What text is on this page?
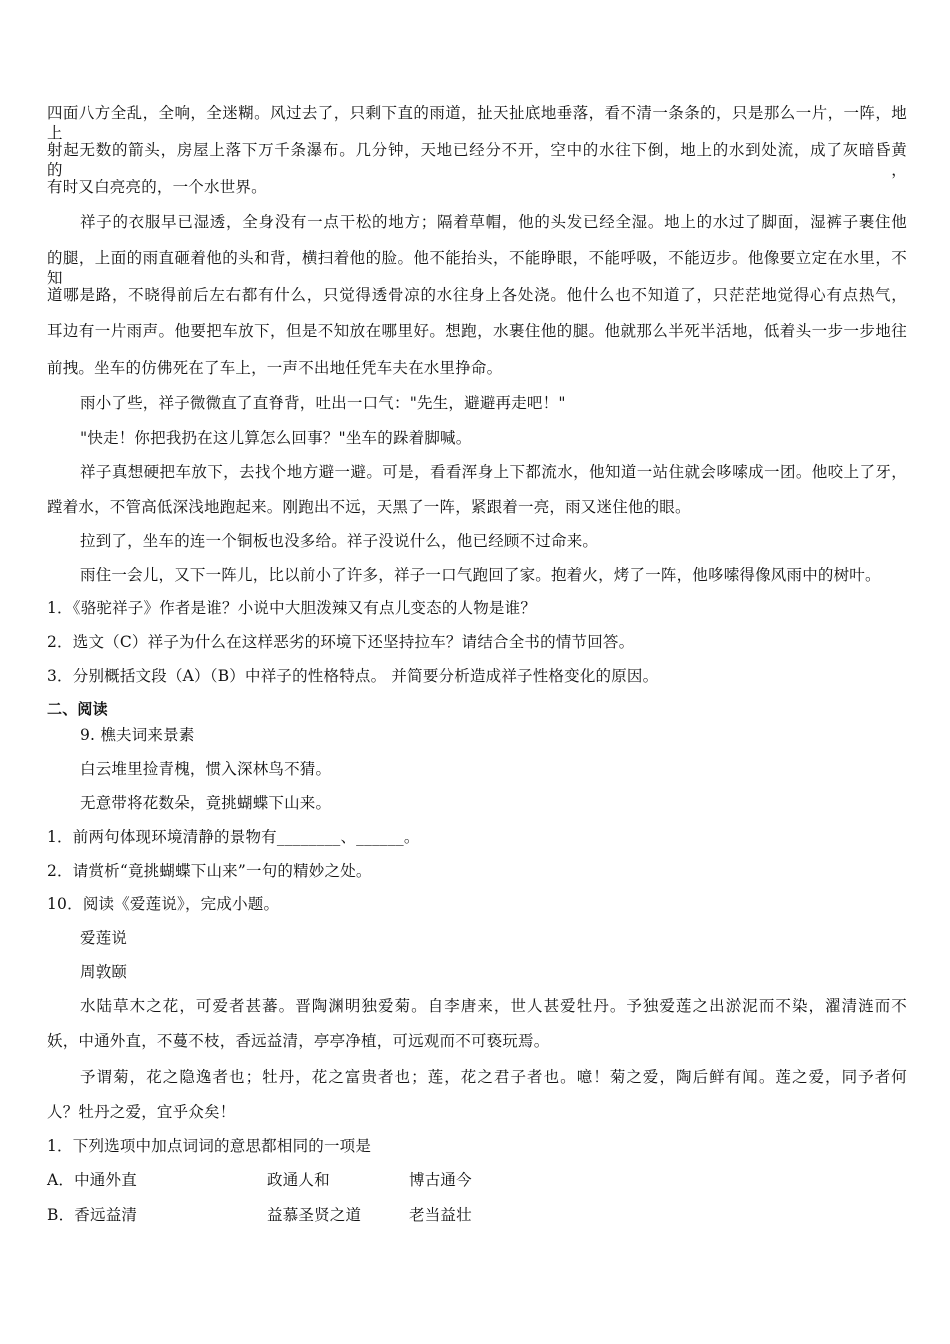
四面八方全乱，全响，全迷糊。风过去了，只剩下直的雨道，扯天扯底地垂落，看不清一条条的，只是那么一片，一阵，地上
射起无数的箭头，房屋上落下万千条瀑布。几分钟，天地已经分不开，空中的水往下倒，地上的水到处流，成了灰暗昏黄的，
有时又白亮亮的，一个水世界。
祥子的衣服早已湿透，全身没有一点干松的地方；隔着草帽，他的头发已经全湿。地上的水过了脚面，湿裤子裹住他
的腿，上面的雨直砸着他的头和背，横扫着他的脸。他不能抬头，不能睁眼，不能呼吸，不能迈步。他像要立定在水里，不知
道哪是路，不晓得前后左右都有什么，只觉得透骨凉的水往身上各处浇。他什么也不知道了，只茫茫地觉得心有点热气，
耳边有一片雨声。他要把车放下，但是不知放在哪里好。想跑，水裹住他的腿。他就那么半死半活地，低着头一步一步地往
前拽。坐车的仿佛死在了车上，一声不出地任凭车夫在水里挣命。
雨小了些，祥子微微直了直脊背，吐出一口气："先生，避避再走吧！"
"快走！你把我扔在这儿算怎么回事？"坐车的跺着脚喊。
祥子真想硬把车放下，去找个地方避一避。可是，看看浑身上下都流水，他知道一站住就会哆嗦成一团。他咬上了牙，
蹚着水，不管高低深浅地跑起来。刚跑出不远，天黑了一阵，紧跟着一亮，雨又迷住他的眼。
拉到了，坐车的连一个铜板也没多给。祥子没说什么，他已经顾不过命来。
雨住一会儿，又下一阵儿，比以前小了许多，祥子一口气跑回了家。抱着火，烤了一阵，他哆嗦得像风雨中的树叶。
1．《骆驼祥子》作者是谁？小说中大胆泼辣又有点儿变态的人物是谁？
2．选文（C）祥子为什么在这样恶劣的环境下还坚持拉车？请结合全书的情节回答。
3．分别概括文段（A）（B）中祥子的性格特点。 并简要分析造成祥子性格变化的原因。
二、阅读
9. 樵夫词来景素
白云堆里捡青槐，惯入深林鸟不猜。
无意带将花数朵，竟挑蝴蝶下山来。
1．前两句体现环境清静的景物有________、______。
2．请赏析“竟挑蝴蝶下山来”一句的精妙之处。
10．阅读《爱莲说》，完成小题。
爱莲说
周敦颐
水陆草木之花，可爱者甚蕃。晋陶渊明独爱菊。自李唐来，世人甚爱牡丹。予独爱莲之出淤泥而不染，濯清涟而不
妖，中通外直，不蔓不枝，香远益清，亭亭净植，可远观而不可亵玩焉。
予谓菊，花之隐逸者也；牡丹，花之富贵者也；莲，花之君子者也。噫！菊之爱，陶后鲜有闻。莲之爱，同予者何
人？牡丹之爱，宜乎众矣！
1．下列选项中加点词词的意思都相同的一项是
A．中通外直	政通人和	博古通今
B．香远益清	益慕圣贤之道	老当益壮
